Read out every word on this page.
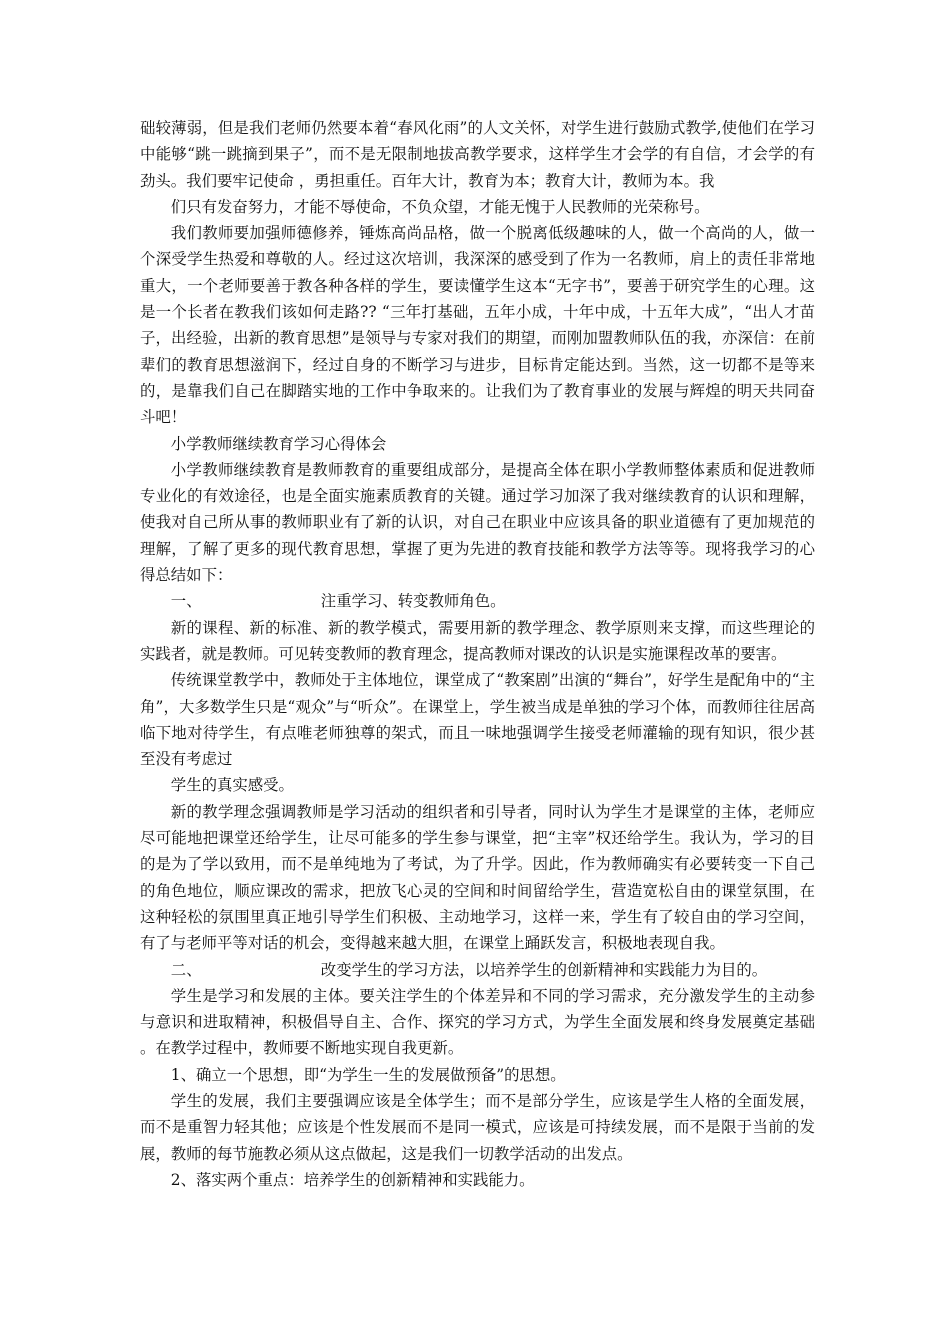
础较薄弱，但是我们老师仍然要本着“春风化雨”的人文关怀，对学生进行鼓励式教学,使他们在学习中能够“跳一跳摘到果子”，而不是无限制地拔高教学要求，这样学生才会学的有自信，才会学的有劲头。我们要牢记使命 ，勇担重任。百年大计，教育为本；教育大计，教师为本。我

们只有发奋努力，才能不辱使命，不负众望，才能无愧于人民教师的光荣称号。

我们教师要加强师德修养，锤炼高尚品格，做一个脱离低级趣味的人，做一个高尚的人，做一个深受学生热爱和尊敬的人。经过这次培训，我深深的感受到了作为一名教师，肩上的责任非常地重大，一个老师要善于教各种各样的学生，要读懂学生这本“无字书”，要善于研究学生的心理。这是一个长者在教我们该如何走路?? “三年打基础，五年小成，十年中成，十五年大成”，“出人才苗子，出经验，出新的教育思想”是领导与专家对我们的期望，而刚加盟教师队伍的我，亦深信：在前辈们的教育思想滋润下，经过自身的不断学习与进步，目标肯定能达到。当然，这一切都不是等来的，是靠我们自己在脚踏实地的工作中争取来的。让我们为了教育事业的发展与辉煌的明天共同奋斗吧！

小学教师继续教育学习心得体会

小学教师继续教育是教师教育的重要组成部分，是提高全体在职小学教师整体素质和促进教师专业化的有效途径，也是全面实施素质教育的关键。通过学习加深了我对继续教育的认识和理解，使我对自己所从事的教师职业有了新的认识，对自己在职业中应该具备的职业道德有了更加规范的理解，了解了更多的现代教育思想，掌握了更为先进的教育技能和教学方法等等。现将我学习的心得总结如下：

一、	注重学习、转变教师角色。

新的课程、新的标准、新的教学模式，需要用新的教学理念、教学原则来支撑，而这些理论的实践者，就是教师。可见转变教师的教育理念，提高教师对课改的认识是实施课程改革的要害。

传统课堂教学中，教师处于主体地位，课堂成了“教案剧”出演的“舞台”，好学生是配角中的“主角”，大多数学生只是“观众”与“听众”。在课堂上，学生被当成是单独的学习个体，而教师往往居高临下地对待学生，有点唯老师独尊的架式，而且一味地强调学生接受老师灌输的现有知识，很少甚至没有考虑过

学生的真实感受。

新的教学理念强调教师是学习活动的组织者和引导者，同时认为学生才是课堂的主体，老师应尽可能地把课堂还给学生，让尽可能多的学生参与课堂，把“主宰”权还给学生。我认为，学习的目的是为了学以致用，而不是单纯地为了考试，为了升学。因此，作为教师确实有必要转变一下自己的角色地位，顺应课改的需求，把放飞心灵的空间和时间留给学生，营造宽松自由的课堂氛围，在这种轻松的氛围里真正地引导学生们积极、主动地学习，这样一来，学生有了较自由的学习空间，有了与老师平等对话的机会，变得越来越大胆，在课堂上踊跃发言，积极地表现自我。

二、	改变学生的学习方法，以培养学生的创新精神和实践能力为目的。

学生是学习和发展的主体。要关注学生的个体差异和不同的学习需求，充分激发学生的主动参与意识和进取精神，积极倡导自主、合作、探究的学习方式，为学生全面发展和终身发展奠定基础。在教学过程中，教师要不断地实现自我更新。

1、确立一个思想，即“为学生一生的发展做预备”的思想。

学生的发展，我们主要强调应该是全体学生；而不是部分学生，应该是学生人格的全面发展，而不是重智力轻其他；应该是个性发展而不是同一模式，应该是可持续发展，而不是限于当前的发展，教师的每节施教必须从这点做起，这是我们一切教学活动的出发点。

2、落实两个重点：培养学生的创新精神和实践能力。
